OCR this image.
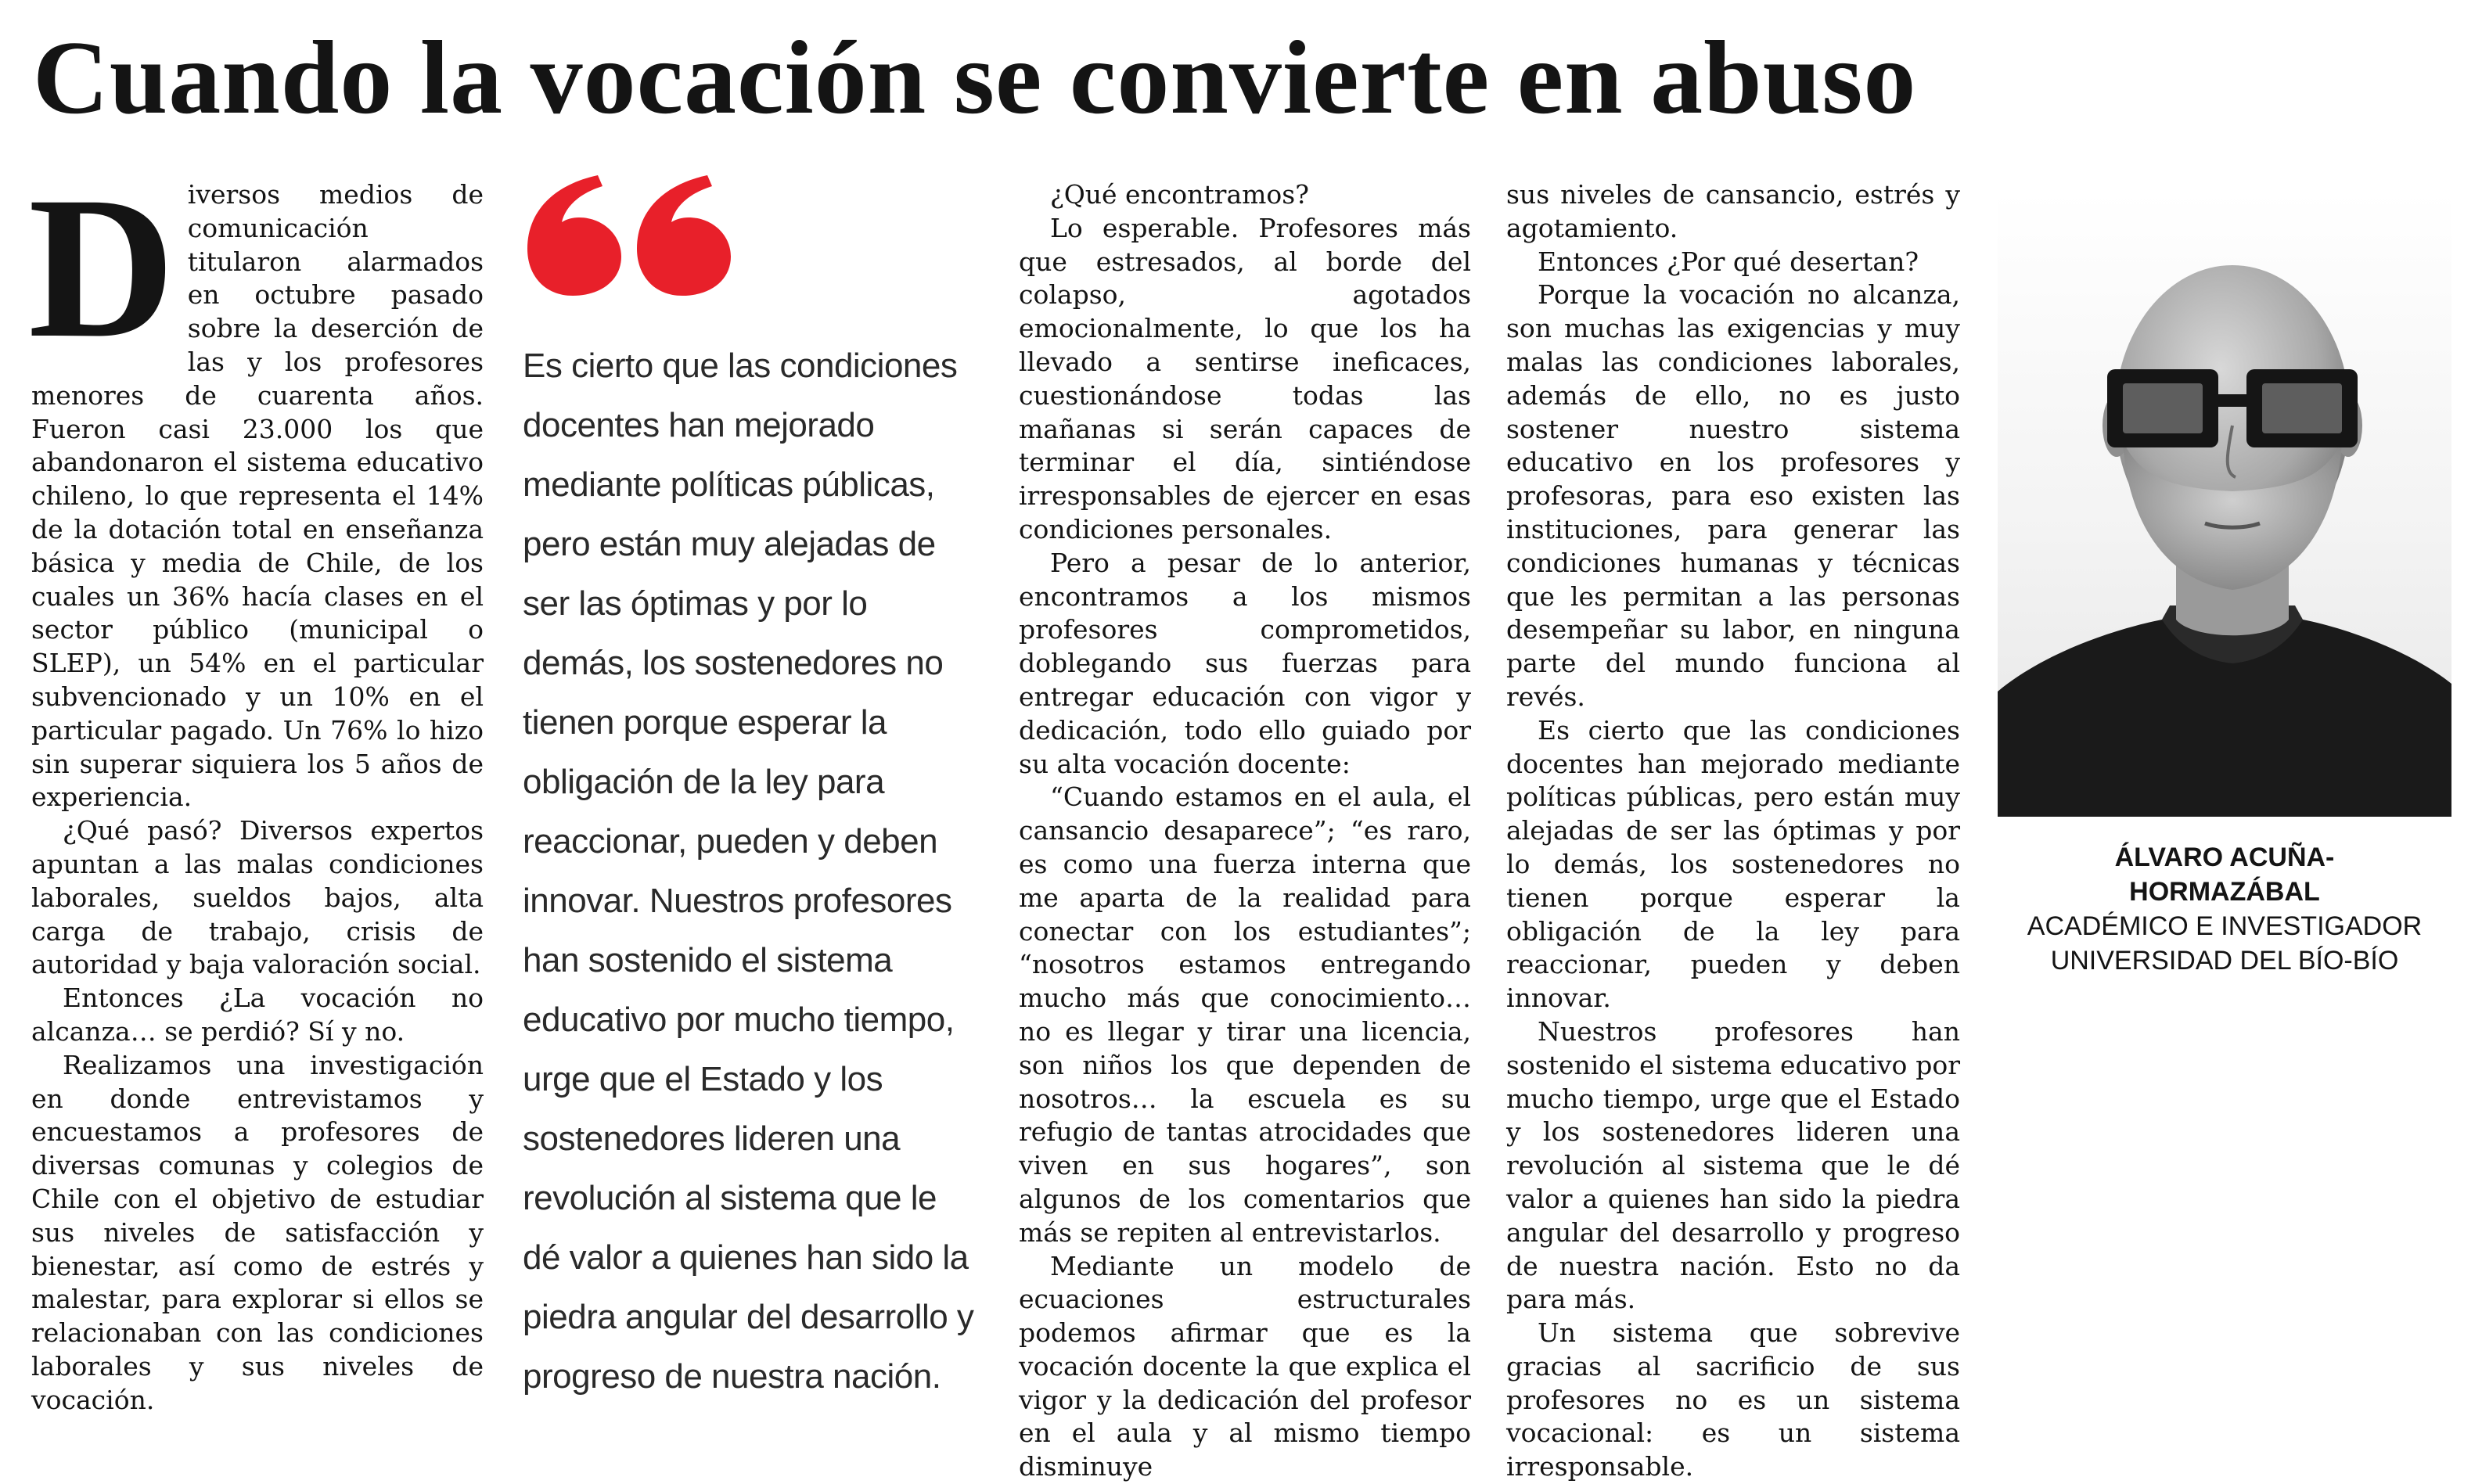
Cuando la vocación se convierte en abuso
D iversos medios de comunicación titularon alarmados en octubre pasado sobre la deserción de las y los profesores menores de cuarenta años. Fueron casi 23.000 los que abandonaron el sistema educativo chileno, lo que representa el 14% de la dotación total en enseñanza básica y media de Chile, de los cuales un 36% hacía clases en el sector público (municipal o SLEP), un 54% en el particular subvencionado y un 10% en el particular pagado. Un 76% lo hizo sin superar siquiera los 5 años de experiencia.

¿Qué pasó? Diversos expertos apuntan a las malas condiciones laborales, sueldos bajos, alta carga de trabajo, crisis de autoridad y baja valoración social.

Entonces ¿La vocación no alcanza… se perdió? Sí y no.

Realizamos una investigación en donde entrevistamos y encuestamos a profesores de diversas comunas y colegios de Chile con el objetivo de estudiar sus niveles de satisfacción y bienestar, así como de estrés y malestar, para explorar si ellos se relacionaban con las condiciones laborales y sus niveles de vocación.

Es cierto que las condiciones docentes han mejorado mediante políticas públicas, pero están muy alejadas de ser las óptimas y por lo demás, los sostenedores no tienen porque esperar la obligación de la ley para reaccionar, pueden y deben innovar. Nuestros profesores han sostenido el sistema educativo por mucho tiempo, urge que el Estado y los sostenedores lideren una revolución al sistema que le dé valor a quienes han sido la piedra angular del desarrollo y progreso de nuestra nación.

¿Qué encontramos?

Lo esperable. Profesores más que estresados, al borde del colapso, agotados emocionalmente, lo que los ha llevado a sentirse ineficaces, cuestionándose todas las mañanas si serán capaces de terminar el día, sintiéndose irresponsables de ejercer en esas condiciones personales.

Pero a pesar de lo anterior, encontramos a los mismos profesores comprometidos, doblegando sus fuerzas para entregar educación con vigor y dedicación, todo ello guiado por su alta vocación docente:

“Cuando estamos en el aula, el cansancio desaparece”; “es raro, es como una fuerza interna que me aparta de la realidad para conectar con los estudiantes”; “nosotros estamos entregando mucho más que conocimiento… no es llegar y tirar una licencia, son niños los que dependen de nosotros… la escuela es su refugio de tantas atrocidades que viven en sus hogares”, son algunos de los comentarios que más se repiten al entrevistarlos.

Mediante un modelo de ecuaciones estructurales podemos afirmar que es la vocación docente la que explica el vigor y la dedicación del profesor en el aula y al mismo tiempo disminuye

sus niveles de cansancio, estrés y agotamiento.

Entonces ¿Por qué desertan?

Porque la vocación no alcanza, son muchas las exigencias y muy malas las condiciones laborales, además de ello, no es justo sostener nuestro sistema educativo en los profesores y profesoras, para eso existen las instituciones, para generar las condiciones humanas y técnicas que les permitan a las personas desempeñar su labor, en ninguna parte del mundo funciona al revés.

Es cierto que las condiciones docentes han mejorado mediante políticas públicas, pero están muy alejadas de ser las óptimas y por lo demás, los sostenedores no tienen porque esperar la obligación de la ley para reaccionar, pueden y deben innovar.

Nuestros profesores han sostenido el sistema educativo por mucho tiempo, urge que el Estado y los sostenedores lideren una revolución al sistema que le dé valor a quienes han sido la piedra angular del desarrollo y progreso de nuestra nación. Esto no da para más.

Un sistema que sobrevive gracias al sacrificio de sus profesores no es un sistema vocacional: es un sistema irresponsable.

ÁLVARO ACUÑA-
HORMAZÁBAL
ACADÉMICO E INVESTIGADOR
UNIVERSIDAD DEL BÍO-BÍO
